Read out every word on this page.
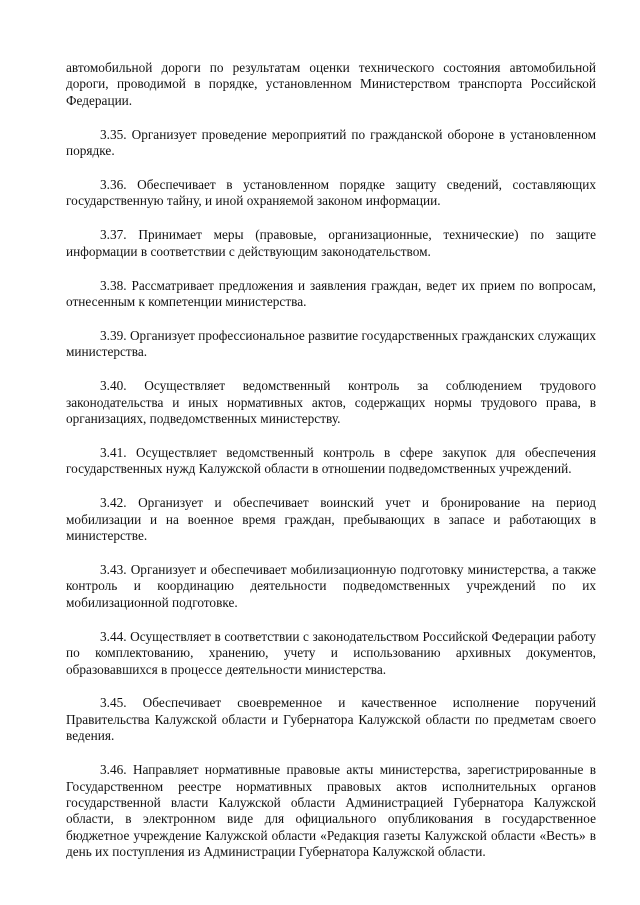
автомобильной дороги по результатам оценки технического состояния автомобильной дороги, проводимой в порядке, установленном Министерством транспорта Российской Федерации.

3.35. Организует проведение мероприятий по гражданской обороне в установленном порядке.

3.36. Обеспечивает в установленном порядке защиту сведений, составляющих государственную тайну, и иной охраняемой законом информации.

3.37. Принимает меры (правовые, организационные, технические) по защите информации в соответствии с действующим законодательством.

3.38. Рассматривает предложения и заявления граждан, ведет их прием по вопросам, отнесенным к компетенции министерства.

3.39. Организует профессиональное развитие государственных гражданских служащих министерства.

3.40. Осуществляет ведомственный контроль за соблюдением трудового законодательства и иных нормативных актов, содержащих нормы трудового права, в организациях, подведомственных министерству.

3.41. Осуществляет ведомственный контроль в сфере закупок для обеспечения государственных нужд Калужской области в отношении подведомственных учреждений.

3.42. Организует и обеспечивает воинский учет и бронирование на период мобилизации и на военное время граждан, пребывающих в запасе и работающих в министерстве.

3.43. Организует и обеспечивает мобилизационную подготовку министерства, а также контроль и координацию деятельности подведомственных учреждений по их мобилизационной подготовке.

3.44. Осуществляет в соответствии с законодательством Российской Федерации работу по комплектованию, хранению, учету и использованию архивных документов, образовавшихся в процессе деятельности министерства.

3.45. Обеспечивает своевременное и качественное исполнение поручений Правительства Калужской области и Губернатора Калужской области по предметам своего ведения.

3.46. Направляет нормативные правовые акты министерства, зарегистрированные в Государственном реестре нормативных правовых актов исполнительных органов государственной власти Калужской области Администрацией Губернатора Калужской области, в электронном виде для официального опубликования в государственное бюджетное учреждение Калужской области «Редакция газеты Калужской области «Весть» в день их поступления из Администрации Губернатора Калужской области.
